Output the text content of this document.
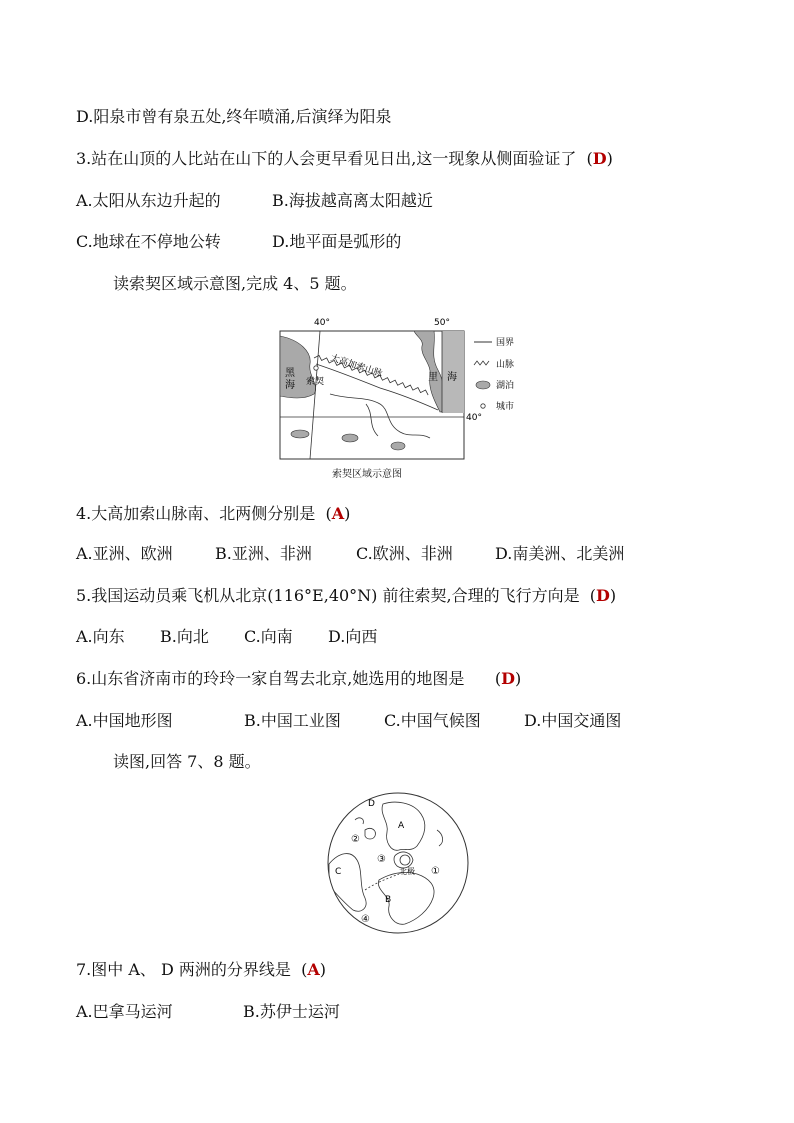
D.阳泉市曾有泉五处,终年喷涌,后演绎为阳泉
3.站在山顶的人比站在山下的人会更早看见日出,这一现象从侧面验证了  (D)
A.太阳从东边升起的	B.海拔越高离太阳越近
C.地球在不停地公转	D.地平面是弧形的
读索契区域示意图,完成 4、5 题。
40°	50°
40°
黑
海
里 海
索契
大高加索山脉
国界
山脉
湖泊
城市
索契区域示意图
4.大高加索山脉南、北两侧分别是  (A)
A.亚洲、欧洲	B.亚洲、非洲	C.欧洲、非洲	D.南美洲、北美洲
5.我国运动员乘飞机从北京(116°E,40°N) 前往索契,合理的飞行方向是  (D)
A.向东 B.向北 C.向南 D.向西
6.山东省济南市的玲玲一家自驾去北京,她选用的地图是      (D)
A.中国地形图	B.中国工业图	C.中国气候图	D.中国交通图
读图,回答 7、8 题。
D
A
C
B
②
③
①
④
北极
7.图中 A、 D 两洲的分界线是  (A)
A.巴拿马运河	B.苏伊士运河
